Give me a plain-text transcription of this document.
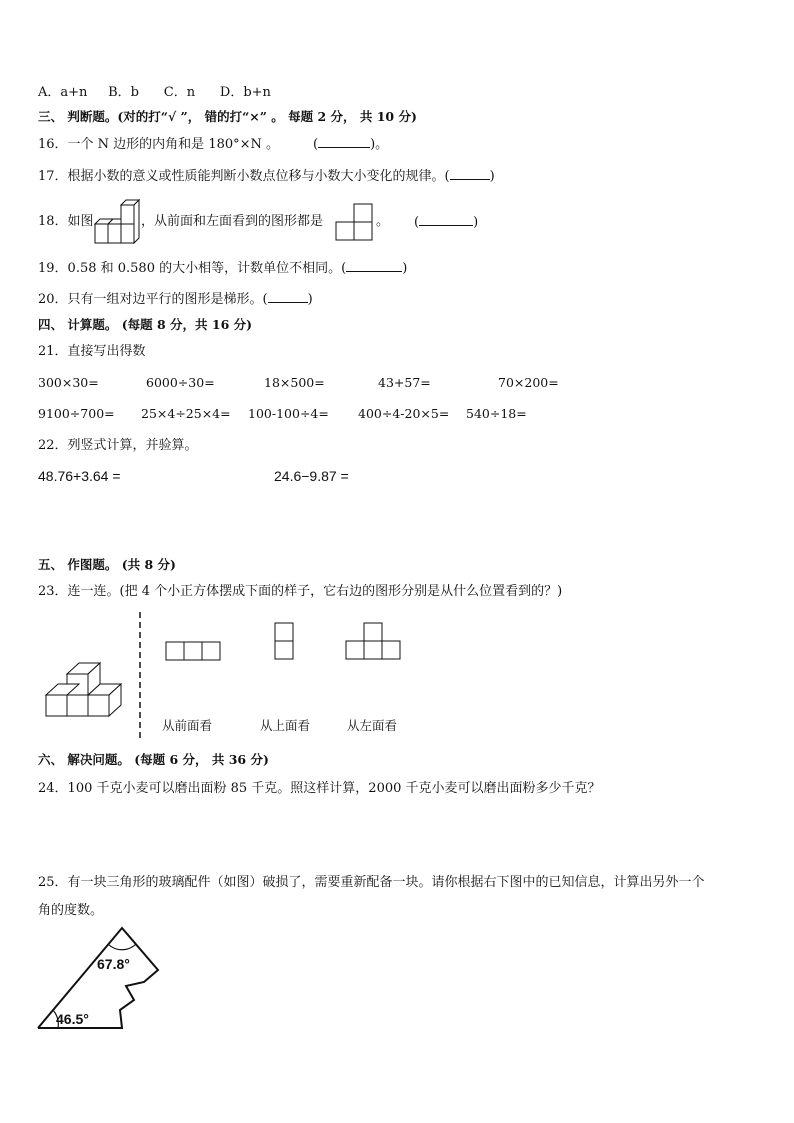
A．a+n B．b C．n D．b+n
三、 判断题。(对的打“√ ”， 错的打“×” 。 每题 2 分， 共 10 分)
16．一个 N 边形的内角和是 180°×N 。	(	)。
17．根据小数的意义或性质能判断小数点位移与小数大小变化的规律。(	)
18．如图	，从前面和左面看到的图形都是	。 (	)
19．0.58 和 0.580 的大小相等，计数单位不相同。(	)
20．只有一组对边平行的图形是梯形。(	)
四、 计算题。 (每题 8 分，共 16 分)
21．直接写出得数
300×30=	6000÷30=	18×500=	43+57=	70×200=
9100÷700= 25×4÷25×4= 100-100÷4= 400÷4-20×5= 540÷18=
22．列竖式计算，并验算。
48.76+3.64 =	24.6−9.87 =
五、 作图题。 (共 8 分)
23．连一连。(把 4 个小正方体摆成下面的样子，它右边的图形分别是从什么位置看到的？)
从前面看	从上面看	从左面看
六、 解决问题。 (每题 6 分， 共 36 分)
24．100 千克小麦可以磨出面粉 85 千克。照这样计算，2000 千克小麦可以磨出面粉多少千克？
25．有一块三角形的玻璃配件（如图）破损了，需要重新配备一块。请你根据右下图中的已知信息，计算出另外一个
角的度数。
67.8°
46.5°
